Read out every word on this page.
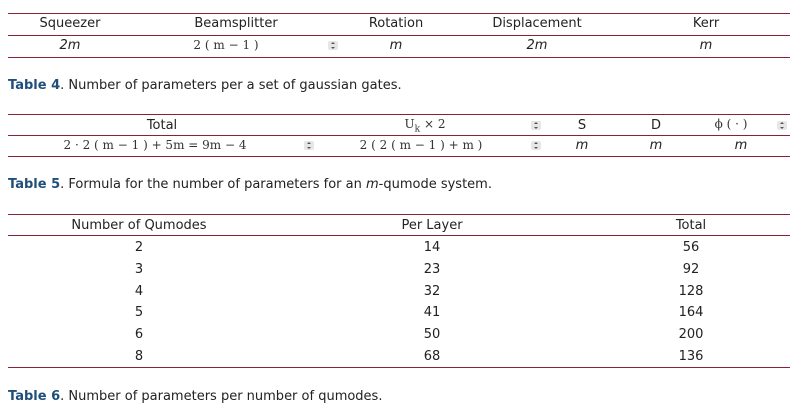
Squeezer	Beamsplitter	Rotation	Displacement	Kerr
2m	2 ( m − 1 )	m	2m	m
Table 4. Number of parameters per a set of gaussian gates.
Total	$U_k \times 2$	S	D	ϕ ( · )
2 · 2 ( m − 1 ) + 5m = 9m − 4	2 ( 2 ( m − 1 ) + m )	m	m	m
Table 5. Formula for the number of parameters for an m-qumode system.
Number of Qumodes	Per Layer	Total
2	14	56
3	23	92
4	32	128
5	41	164
6	50	200
8	68	136
Table 6. Number of parameters per number of qumodes.
